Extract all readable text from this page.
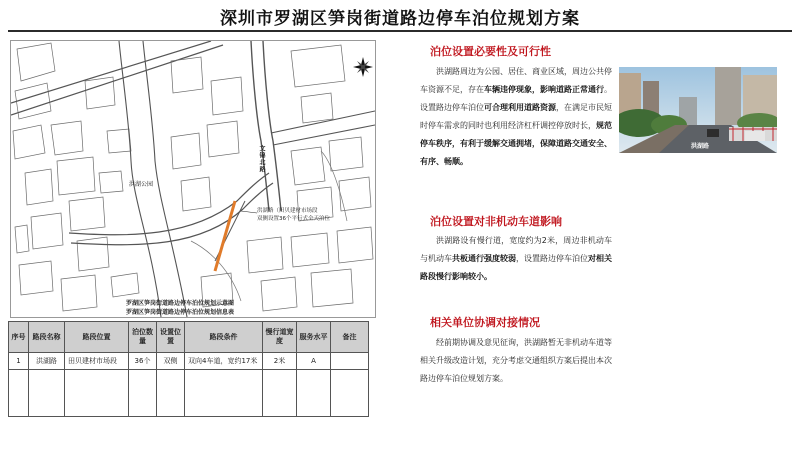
深圳市罗湖区笋岗街道路边停车泊位规划方案
洪湖公园
文锦北路
洪湖路（田贝建材市场段
双侧设置36个平行式全天泊位
罗湖区笋岗街道路边停车泊位规划示意图
罗湖区笋岗街道路边停车泊位规划信息表
序号	路段名称	路段位置	泊位数量	设置位置	路段条件	慢行道宽度	服务水平	备注
1	洪湖路	田贝建材市场段	36个	双侧	双向4车道，宽约17米	2米	A	

泊位设置必要性及可行性
洪湖路周边为公园、居住、商业区域，周边公共停车资源不足，存在车辆违停现象，影响道路正常通行。设置路边停车泊位可合理利用道路资源，在满足市民短时停车需求的同时也利用经济杠杆调控停放时长，规范停车秩序，有利于缓解交通拥堵，保障道路交通安全、有序、畅顺。
洪湖路
泊位设置对非机动车道影响
洪湖路设有慢行道，宽度约为2米，周边非机动车与机动车共板通行强度较弱，设置路边停车泊位对相关路段慢行影响较小。
相关单位协调对接情况
经前期协调及意见征询，洪湖路暂无非机动车道等相关升级改造计划，充分考虑交通组织方案后提出本次路边停车泊位规划方案。
